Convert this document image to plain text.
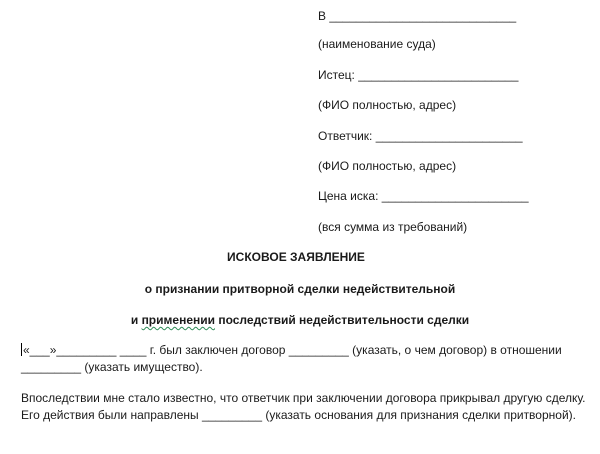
В ____________________________
(наименование суда)
Истец: ________________________
(ФИО полностью, адрес)
Ответчик: ______________________
(ФИО полностью, адрес)
Цена иска: ______________________
(вся сумма из требований)
ИСКОВОЕ ЗАЯВЛЕНИЕ
о признании притворной сделки недействительной
и применении последствий недействительности сделки
«___»_________ ____ г. был заключен договор _________ (указать, о чем договор) в отношении _________ (указать имущество).
Впоследствии мне стало известно, что ответчик при заключении договора прикрывал другую сделку. Его действия были направлены _________ (указать основания для признания сделки притворной).
